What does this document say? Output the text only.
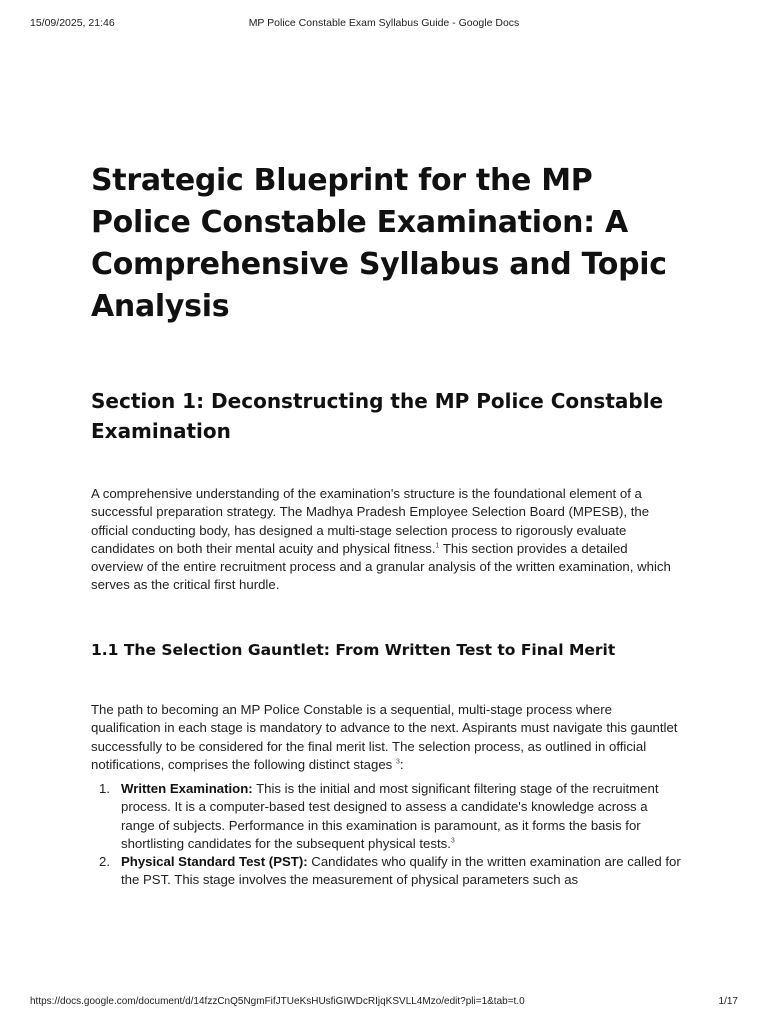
15/09/2025, 21:46	MP Police Constable Exam Syllabus Guide - Google Docs
Strategic Blueprint for the MP Police Constable Examination: A Comprehensive Syllabus and Topic Analysis
Section 1: Deconstructing the MP Police Constable Examination

A comprehensive understanding of the examination's structure is the foundational element of a successful preparation strategy. The Madhya Pradesh Employee Selection Board (MPESB), the official conducting body, has designed a multi-stage selection process to rigorously evaluate candidates on both their mental acuity and physical fitness.$^1$ This section provides a detailed overview of the entire recruitment process and a granular analysis of the written examination, which serves as the critical first hurdle.

1.1 The Selection Gauntlet: From Written Test to Final Merit

The path to becoming an MP Police Constable is a sequential, multi-stage process where qualification in each stage is mandatory to advance to the next. Aspirants must navigate this gauntlet successfully to be considered for the final merit list. The selection process, as outlined in official notifications, comprises the following distinct stages $^3$:

1. Written Examination: This is the initial and most significant filtering stage of the recruitment process. It is a computer-based test designed to assess a candidate's knowledge across a range of subjects. Performance in this examination is paramount, as it forms the basis for shortlisting candidates for the subsequent physical tests.$^3$
2. Physical Standard Test (PST): Candidates who qualify in the written examination are called for the PST. This stage involves the measurement of physical parameters such as
https://docs.google.com/document/d/14fzzCnQ5NgmFifJTUeKsHUsfiGIWDcRIjqKSVLL4Mzo/edit?pli=1&tab=t.0	1/17
